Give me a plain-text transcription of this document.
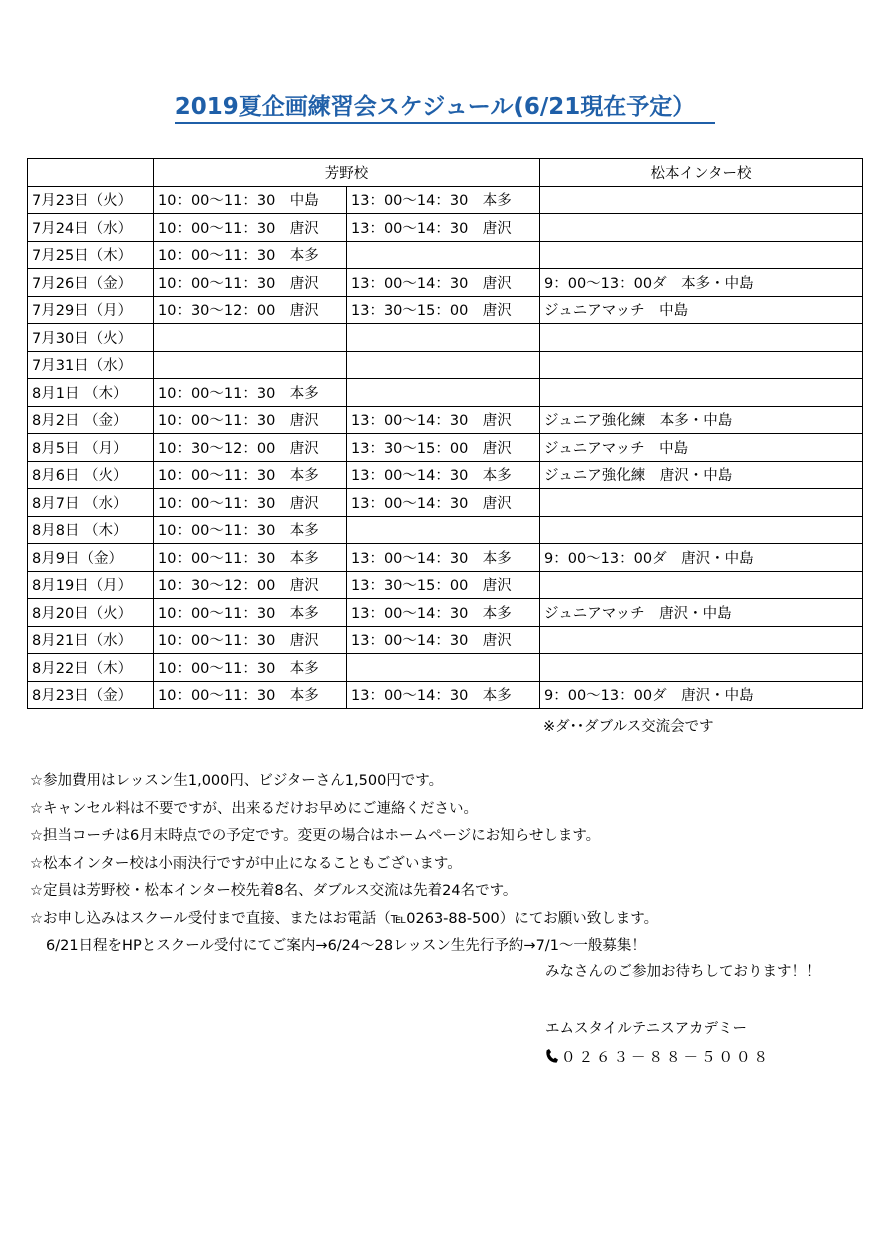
2019夏企画練習会スケジュール(6/21現在予定）
	芳野校		松本インター校
7月23日（火）	10：00～11：30　中島	13：00～14：30　本多	
7月24日（水）	10：00～11：30　唐沢	13：00～14：30　唐沢	
7月25日（木）	10：00～11：30　本多		
7月26日（金）	10：00～11：30　唐沢	13：00～14：30　唐沢	9：00～13：00ダ　本多・中島
7月29日（月）	10：30～12：00　唐沢	13：30～15：00　唐沢	ジュニアマッチ　中島
7月30日（火）			
7月31日（水）			
8月1日 （木）	10：00～11：30　本多		
8月2日 （金）	10：00～11：30　唐沢	13：00～14：30　唐沢	ジュニア強化練　本多・中島
8月5日 （月）	10：30～12：00　唐沢	13：30～15：00　唐沢	ジュニアマッチ　中島
8月6日 （火）	10：00～11：30　本多	13：00～14：30　本多	ジュニア強化練　唐沢・中島
8月7日 （水）	10：00～11：30　唐沢	13：00～14：30　唐沢	
8月8日 （木）	10：00～11：30　本多		
8月9日（金）	10：00～11：30　本多	13：00～14：30　本多	9：00～13：00ダ　唐沢・中島
8月19日（月）	10：30～12：00　唐沢	13：30～15：00　唐沢	
8月20日（火）	10：00～11：30　本多	13：00～14：30　本多	ジュニアマッチ　唐沢・中島
8月21日（水）	10：00～11：30　唐沢	13：00～14：30　唐沢	
8月22日（木）	10：00～11：30　本多		
8月23日（金）	10：00～11：30　本多	13：00～14：30　本多	9：00～13：00ダ　唐沢・中島
※ダ･･ダブルス交流会です
☆参加費用はレッスン生1,000円、ビジターさん1,500円です。
☆キャンセル料は不要ですが、出来るだけお早めにご連絡ください。
☆担当コーチは6月末時点での予定です。変更の場合はホームページにお知らせします。
☆松本インター校は小雨決行ですが中止になることもございます。
☆定員は芳野校・松本インター校先着8名、ダブルス交流は先着24名です。
☆お申し込みはスクール受付まで直接、またはお電話（℡0263-88-500）にてお願い致します。
6/21日程をHPとスクール受付にてご案内→6/24～28レッスン生先行予約→7/1～一般募集！
みなさんのご参加お待ちしております！！
エムスタイルテニスアカデミー
０２６３－８８－５００８
